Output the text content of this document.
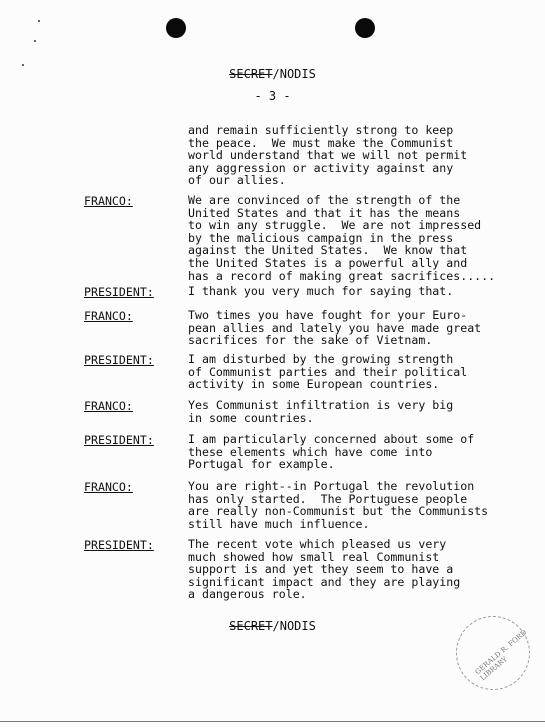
SECRET/NODIS
- 3 -
and remain sufficiently strong to keep
the peace.  We must make the Communist
world understand that we will not permit
any aggression or activity against any
of our allies.
FRANCO:	We are convinced of the strength of the
United States and that it has the means
to win any struggle.  We are not impressed
by the malicious campaign in the press
against the United States.  We know that
the United States is a powerful ally and
has a record of making great sacrifices.....
PRESIDENT:	I thank you very much for saying that.
FRANCO:	Two times you have fought for your Euro-
pean allies and lately you have made great
sacrifices for the sake of Vietnam.
PRESIDENT:	I am disturbed by the growing strength
of Communist parties and their political
activity in some European countries.
FRANCO:	Yes Communist infiltration is very big
in some countries.
PRESIDENT:	I am particularly concerned about some of
these elements which have come into
Portugal for example.
FRANCO:	You are right--in Portugal the revolution
has only started.  The Portuguese people
are really non-Communist but the Communists
still have much influence.
PRESIDENT:	The recent vote which pleased us very
much showed how small real Communist
support is and yet they seem to have a
significant impact and they are playing
a dangerous role.
SECRET/NODIS
GERALD R. FORD LIBRARY
